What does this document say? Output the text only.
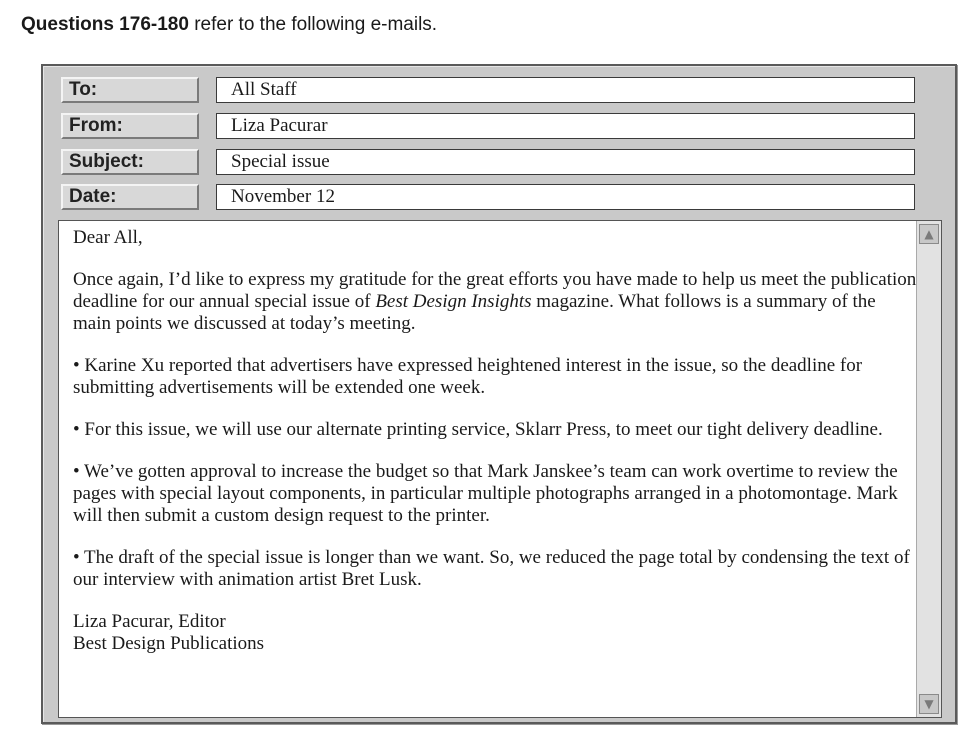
Questions 176-180 refer to the following e-mails.
To:	All Staff
From:	Liza Pacurar
Subject:	Special issue
Date:	November 12

Dear All,

Once again, I’d like to express my gratitude for the great efforts you have made to help us meet the publication deadline for our annual special issue of Best Design Insights magazine. What follows is a summary of the main points we discussed at today’s meeting.

• Karine Xu reported that advertisers have expressed heightened interest in the issue, so the deadline for submitting advertisements will be extended one week.

• For this issue, we will use our alternate printing service, Sklarr Press, to meet our tight delivery deadline.

• We’ve gotten approval to increase the budget so that Mark Janskee’s team can work overtime to review the pages with special layout components, in particular multiple photographs arranged in a photomontage. Mark will then submit a custom design request to the printer.

• The draft of the special issue is longer than we want. So, we reduced the page total by condensing the text of our interview with animation artist Bret Lusk.

Liza Pacurar, Editor

Best Design Publications

▲
▼
